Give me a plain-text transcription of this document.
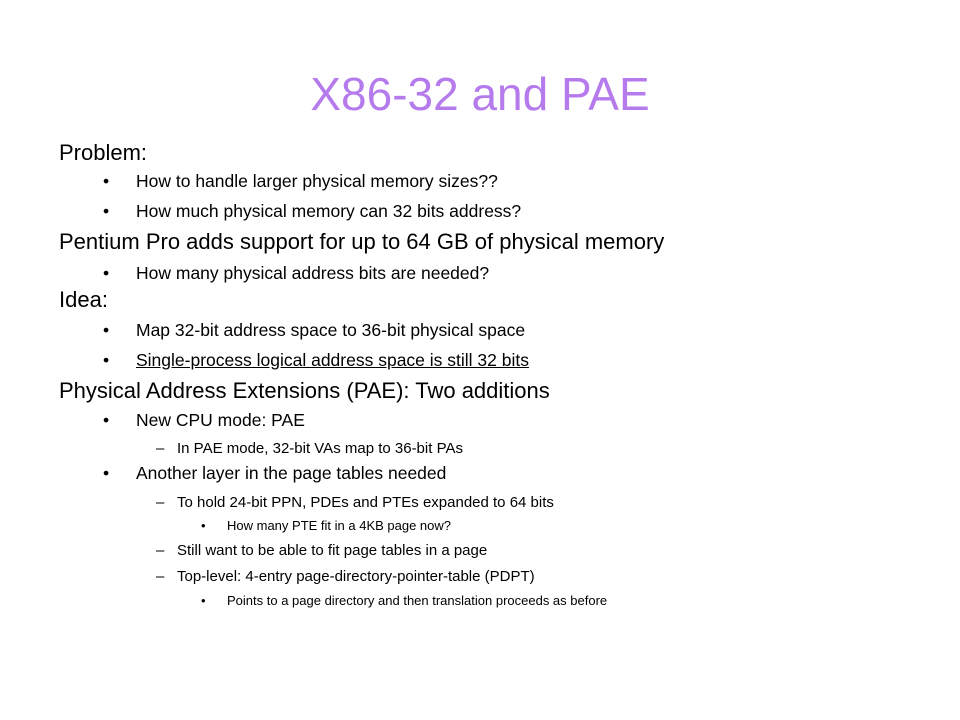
X86-32 and PAE
Problem:
• How to handle larger physical memory sizes??
• How much physical memory can 32 bits address?
Pentium Pro adds support for up to 64 GB of physical memory
• How many physical address bits are needed?
Idea:
• Map 32-bit address space to 36-bit physical space
• Single-process logical address space is still 32 bits
Physical Address Extensions (PAE): Two additions
• New CPU mode: PAE
– In PAE mode, 32-bit VAs map to 36-bit PAs
• Another layer in the page tables needed
– To hold 24-bit PPN, PDEs and PTEs expanded to 64 bits
• How many PTE fit in a 4KB page now?
– Still want to be able to fit page tables in a page
– Top-level: 4-entry page-directory-pointer-table (PDPT)
• Points to a page directory and then translation proceeds as before
